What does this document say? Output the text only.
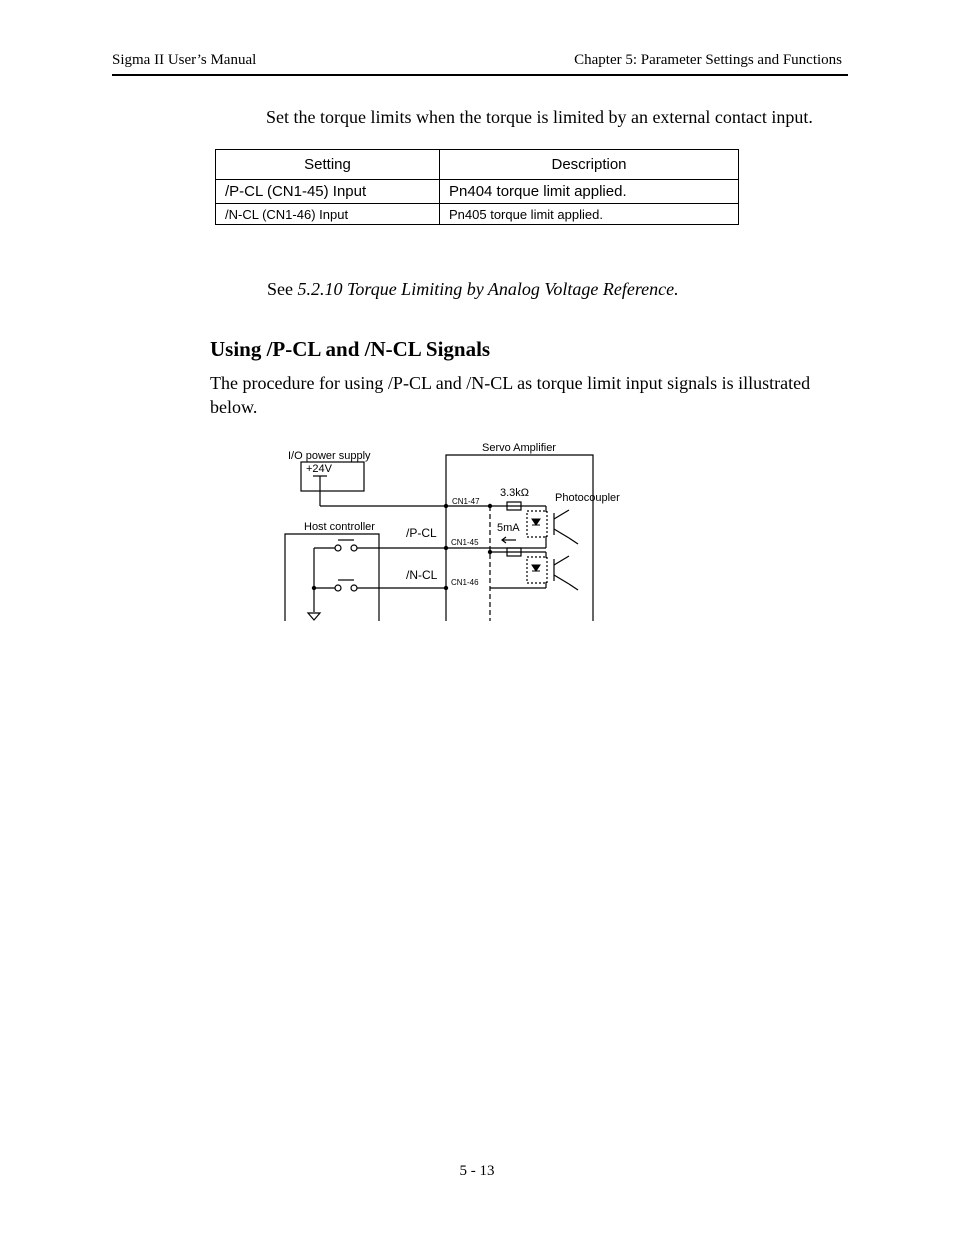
Sigma II User’s Manual	Chapter 5: Parameter Settings and Functions
Set the torque limits when the torque is limited by an external contact input.
Setting	Description
/P-CL (CN1-45) Input	Pn404 torque limit applied.
/N-CL (CN1-46) Input	Pn405 torque limit applied.
See 5.2.10 Torque Limiting by Analog Voltage Reference.
Using /P-CL and /N-CL Signals
The procedure for using /P-CL and /N-CL as torque limit input signals is illustrated below.
I/O power supply
+24V
Servo Amplifier
Host controller
3.3kΩ Photocoupler
5mA
/P-CL
/N-CL
CN1-47
CN1-45
CN1-46
5 - 13
